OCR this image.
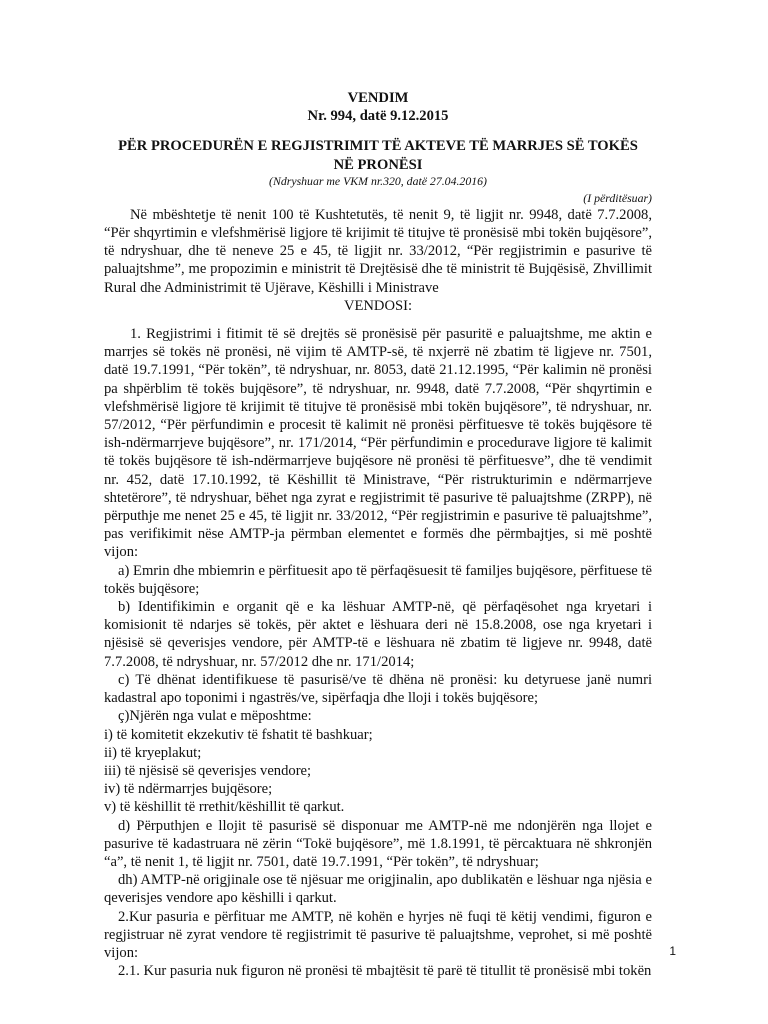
VENDIM
Nr. 994, datë 9.12.2015
PËR PROCEDURËN E REGJISTRIMIT TË AKTEVE TË MARRJES SË TOKËS
NË PRONËSI
(Ndryshuar me VKM nr.320, datë 27.04.2016)
(I përditësuar)

Në mbështetje të nenit 100 të Kushtetutës, të nenit 9, të ligjit nr. 9948, datë 7.7.2008, “Për shqyrtimin e vlefshmërisë ligjore të krijimit të titujve të pronësisë mbi tokën bujqësore”, të ndryshuar, dhe të neneve 25 e 45, të ligjit nr. 33/2012, “Për regjistrimin e pasurive të paluajtshme”, me propozimin e ministrit të Drejtësisë dhe të ministrit të Bujqësisë, Zhvillimit Rural dhe Administrimit të Ujërave, Këshilli i Ministrave

VENDOSI:

1. Regjistrimi i fitimit të së drejtës së pronësisë për pasuritë e paluajtshme, me aktin e marrjes së tokës në pronësi, në vijim të AMTP-së, të nxjerrë në zbatim të ligjeve nr. 7501, datë 19.7.1991, “Për tokën”, të ndryshuar, nr. 8053, datë 21.12.1995, “Për kalimin në pronësi pa shpërblim të tokës bujqësore”, të ndryshuar, nr. 9948, datë 7.7.2008, “Për shqyrtimin e vlefshmërisë ligjore të krijimit të titujve të pronësisë mbi tokën bujqësore”, të ndryshuar, nr. 57/2012, “Për përfundimin e procesit të kalimit në pronësi përfituesve të tokës bujqësore të ish-ndërmarrjeve bujqësore”, nr. 171/2014, “Për përfundimin e procedurave ligjore të kalimit të tokës bujqësore të ish-ndërmarrjeve bujqësore në pronësi të përfituesve”, dhe të vendimit nr. 452, datë 17.10.1992, të Këshillit të Ministrave, “Për ristrukturimin e ndërmarrjeve shtetërore”, të ndryshuar, bëhet nga zyrat e regjistrimit të pasurive të paluajtshme (ZRPP), në përputhje me nenet 25 e 45, të ligjit nr. 33/2012, “Për regjistrimin e pasurive të paluajtshme”, pas verifikimit nëse AMTP-ja përmban elementet e formës dhe përmbajtjes, si më poshtë vijon:

a) Emrin dhe mbiemrin e përfituesit apo të përfaqësuesit të familjes bujqësore, përfituese të tokës bujqësore;

b) Identifikimin e organit që e ka lëshuar AMTP-në, që përfaqësohet nga kryetari i komisionit të ndarjes së tokës, për aktet e lëshuara deri në 15.8.2008, ose nga kryetari i njësisë së qeverisjes vendore, për AMTP-të e lëshuara në zbatim të ligjeve nr. 9948, datë 7.7.2008, të ndryshuar, nr. 57/2012 dhe nr. 171/2014;

c) Të dhënat identifikuese të pasurisë/ve të dhëna në pronësi: ku detyruese janë numri kadastral apo toponimi i ngastrës/ve, sipërfaqja dhe lloji i tokës bujqësore;

ç)Njërën nga vulat e mëposhtme:

i) të komitetit ekzekutiv të fshatit të bashkuar;

ii) të kryeplakut;

iii) të njësisë së qeverisjes vendore;

iv) të ndërmarrjes bujqësore;

v) të këshillit të rrethit/këshillit të qarkut.

d) Përputhjen e llojit të pasurisë së disponuar me AMTP-në me ndonjërën nga llojet e pasurive të kadastruara në zërin “Tokë bujqësore”, më 1.8.1991, të përcaktuara në shkronjën “a”, të nenit 1, të ligjit nr. 7501, datë 19.7.1991, “Për tokën”, të ndryshuar;

dh) AMTP-në origjinale ose të njësuar me origjinalin, apo dublikatën e lëshuar nga njësia e qeverisjes vendore apo këshilli i qarkut.

2.Kur pasuria e përfituar me AMTP, në kohën e hyrjes në fuqi të këtij vendimi, figuron e regjistruar në zyrat vendore të regjistrimit të pasurive të paluajtshme, veprohet, si më poshtë vijon:

2.1. Kur pasuria nuk figuron në pronësi të mbajtësit të parë të titullit të pronësisë mbi tokën

1
